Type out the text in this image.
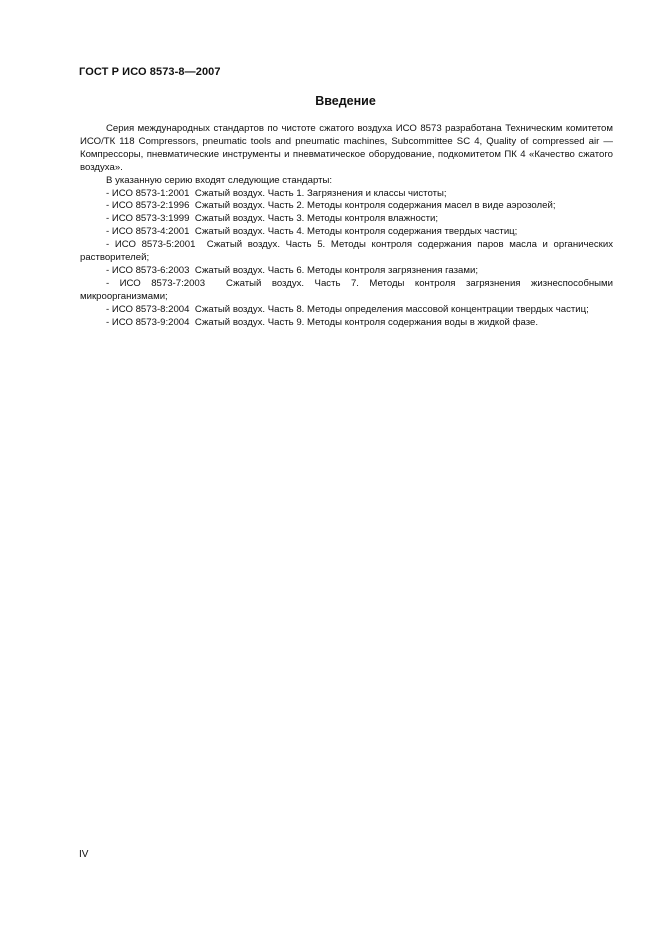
ГОСТ Р ИСО 8573-8—2007
Введение

Серия международных стандартов по чистоте сжатого воздуха ИСО 8573 разработана Техническим комитетом ИСО/ТК 118 Compressors, pneumatic tools and pneumatic machines, Subcommittee SC 4, Quality of compressed air — Компрессоры, пневматические инструменты и пневматическое оборудование, подкомитетом ПК 4 «Качество сжатого воздуха».

В указанную серию входят следующие стандарты:

- ИСО 8573-1:2001 Сжатый воздух. Часть 1. Загрязнения и классы чистоты;

- ИСО 8573-2:1996 Сжатый воздух. Часть 2. Методы контроля содержания масел в виде аэрозолей;

- ИСО 8573-3:1999 Сжатый воздух. Часть 3. Методы контроля влажности;

- ИСО 8573-4:2001 Сжатый воздух. Часть 4. Методы контроля содержания твердых частиц;

- ИСО 8573-5:2001 Сжатый воздух. Часть 5. Методы контроля содержания паров масла и органических растворителей;

- ИСО 8573-6:2003 Сжатый воздух. Часть 6. Методы контроля загрязнения газами;

- ИСО 8573-7:2003 Сжатый воздух. Часть 7. Методы контроля загрязнения жизнеспособными микроорганизмами;

- ИСО 8573-8:2004 Сжатый воздух. Часть 8. Методы определения массовой концентрации твердых частиц;

- ИСО 8573-9:2004 Сжатый воздух. Часть 9. Методы контроля содержания воды в жидкой фазе.

IV
